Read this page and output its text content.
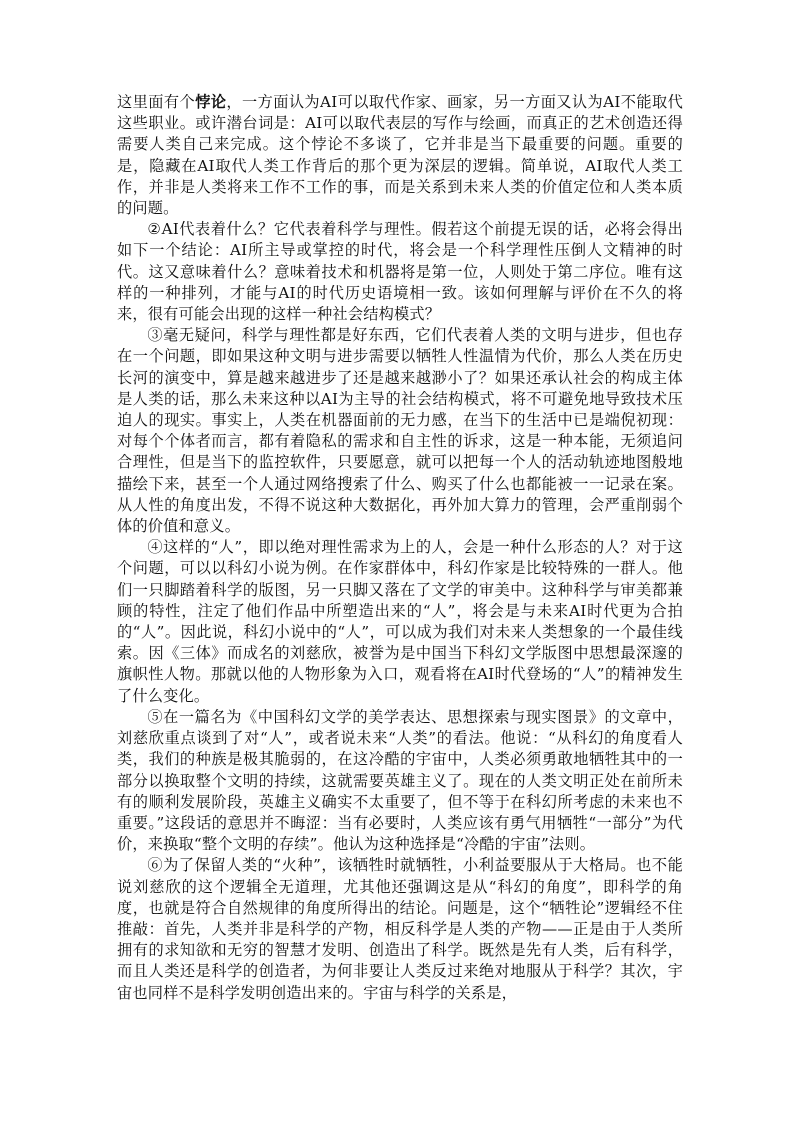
这里面有个悖论，一方面认为AI可以取代作家、画家，另一方面又认为AI不能取代这些职业。或许潜台词是：AI可以取代表层的写作与绘画，而真正的艺术创造还得需要人类自己来完成。这个悖论不多谈了，它并非是当下最重要的问题。重要的是，隐藏在AI取代人类工作背后的那个更为深层的逻辑。简单说，AI取代人类工作，并非是人类将来工作不工作的事，而是关系到未来人类的价值定位和人类本质的问题。

②AI代表着什么？它代表着科学与理性。假若这个前提无误的话，必将会得出如下一个结论：AI所主导或掌控的时代，将会是一个科学理性压倒人文精神的时代。这又意味着什么？意味着技术和机器将是第一位，人则处于第二序位。唯有这样的一种排列，才能与AI的时代历史语境相一致。该如何理解与评价在不久的将来，很有可能会出现的这样一种社会结构模式？

③毫无疑问，科学与理性都是好东西，它们代表着人类的文明与进步，但也存在一个问题，即如果这种文明与进步需要以牺牲人性温情为代价，那么人类在历史长河的演变中，算是越来越进步了还是越来越渺小了？如果还承认社会的构成主体是人类的话，那么未来这种以AI为主导的社会结构模式，将不可避免地导致技术压迫人的现实。事实上，人类在机器面前的无力感，在当下的生活中已是端倪初现：对每个个体者而言，都有着隐私的需求和自主性的诉求，这是一种本能，无须追问合理性，但是当下的监控软件，只要愿意，就可以把每一个人的活动轨迹地图般地描绘下来，甚至一个人通过网络搜索了什么、购买了什么也都能被一一记录在案。从人性的角度出发，不得不说这种大数据化，再外加大算力的管理，会严重削弱个体的价值和意义。

④这样的“人”，即以绝对理性需求为上的人，会是一种什么形态的人？对于这个问题，可以以科幻小说为例。在作家群体中，科幻作家是比较特殊的一群人。他们一只脚踏着科学的版图，另一只脚又落在了文学的审美中。这种科学与审美都兼顾的特性，注定了他们作品中所塑造出来的“人”，将会是与未来AI时代更为合拍的“人”。因此说，科幻小说中的“人”，可以成为我们对未来人类想象的一个最佳线索。因《三体》而成名的刘慈欣，被誉为是中国当下科幻文学版图中思想最深邃的旗帜性人物。那就以他的人物形象为入口，观看将在AI时代登场的“人”的精神发生了什么变化。

⑤在一篇名为《中国科幻文学的美学表达、思想探索与现实图景》的文章中，刘慈欣重点谈到了对“人”，或者说未来“人类”的看法。他说：“从科幻的角度看人类，我们的种族是极其脆弱的，在这冷酷的宇宙中，人类必须勇敢地牺牲其中的一部分以换取整个文明的持续，这就需要英雄主义了。现在的人类文明正处在前所未有的顺利发展阶段，英雄主义确实不太重要了，但不等于在科幻所考虑的未来也不重要。”这段话的意思并不晦涩：当有必要时，人类应该有勇气用牺牲“一部分”为代价，来换取“整个文明的存续”。他认为这种选择是“冷酷的宇宙”法则。

⑥为了保留人类的“火种”，该牺牲时就牺牲，小利益要服从于大格局。也不能说刘慈欣的这个逻辑全无道理，尤其他还强调这是从“科幻的角度”，即科学的角度，也就是符合自然规律的角度所得出的结论。问题是，这个“牺牲论”逻辑经不住推敲：首先，人类并非是科学的产物，相反科学是人类的产物——正是由于人类所拥有的求知欲和无穷的智慧才发明、创造出了科学。既然是先有人类，后有科学，而且人类还是科学的创造者，为何非要让人类反过来绝对地服从于科学？其次，宇宙也同样不是科学发明创造出来的。宇宙与科学的关系是，
